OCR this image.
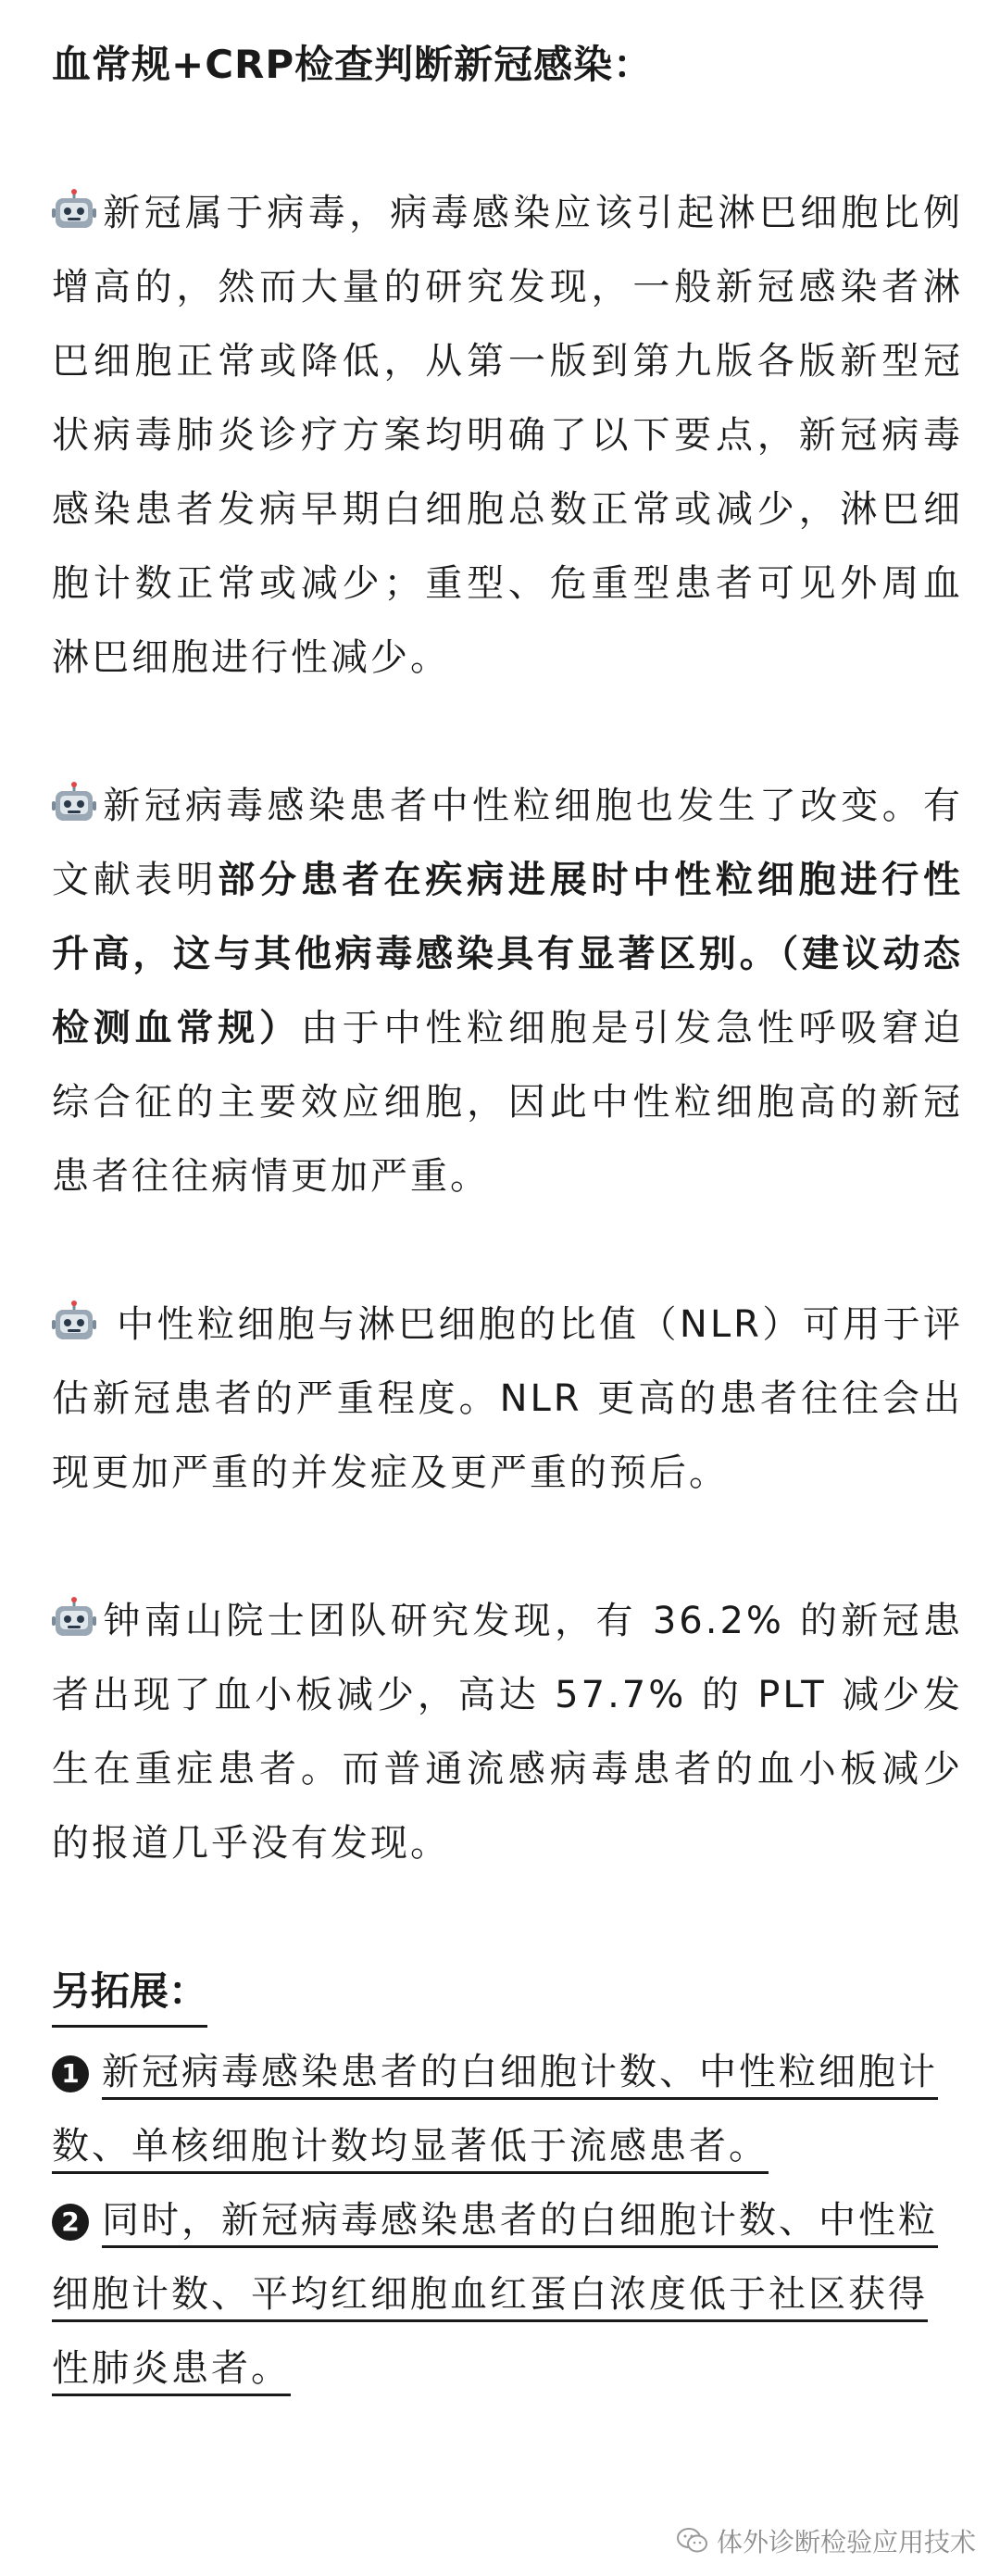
血常规+CRP检查判断新冠感染：

新冠属于病毒，病毒感染应该引起淋巴细胞比例增高的，然而大量的研究发现，一般新冠感染者淋巴细胞正常或降低，从第一版到第九版各版新型冠状病毒肺炎诊疗方案均明确了以下要点，新冠病毒感染患者发病早期白细胞总数正常或减少，淋巴细胞计数正常或减少；重型、危重型患者可见外周血淋巴细胞进行性减少。

新冠病毒感染患者中性粒细胞也发生了改变。有文献表明部分患者在疾病进展时中性粒细胞进行性升高，这与其他病毒感染具有显著区别。（建议动态检测血常规）由于中性粒细胞是引发急性呼吸窘迫综合征的主要效应细胞，因此中性粒细胞高的新冠患者往往病情更加严重。

中性粒细胞与淋巴细胞的比值（NLR）可用于评估新冠患者的严重程度。NLR 更高的患者往往会出现更加严重的并发症及更严重的预后。

钟南山院士团队研究发现，有 36.2% 的新冠患者出现了血小板减少，高达 57.7% 的 PLT 减少发生在重症患者。而普通流感病毒患者的血小板减少的报道几乎没有发现。

另拓展：
1 新冠病毒感染患者的白细胞计数、中性粒细胞计数、单核细胞计数均显著低于流感患者。
2 同时，新冠病毒感染患者的白细胞计数、中性粒细胞计数、平均红细胞血红蛋白浓度低于社区获得性肺炎患者。
体外诊断检验应用技术
